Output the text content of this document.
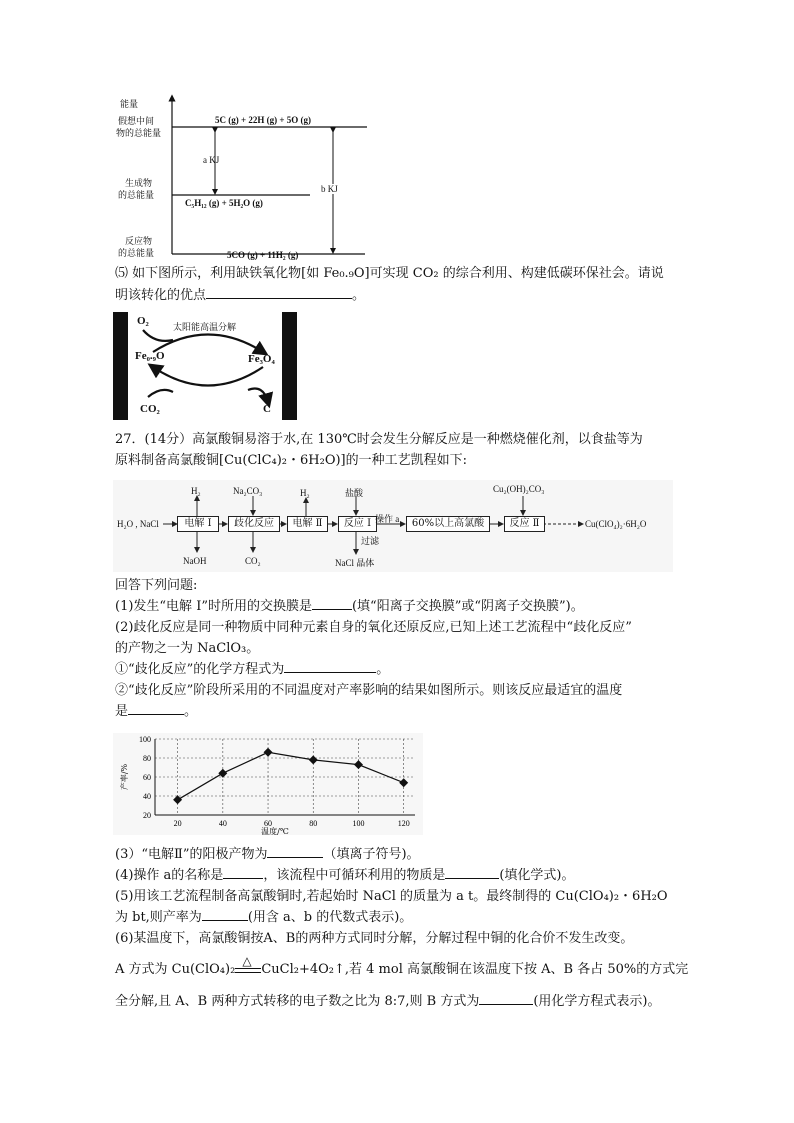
能量
假想中间
物的总能量
生成物
的总能量
反应物
的总能量
5C (g) + 22H (g) + 5O (g)
C₅H₁₂ (g) + 5H₂O (g)
5CO (g) + 11H₂ (g)
a KJ
b KJ
⑸ 如下图所示，利用缺铁氧化物[如 Fe₀.₉O]可实现 CO₂ 的综合利用、构建低碳环保社会。请说
明该转化的优点	。
O₂	太阳能高温分解
Fe₀.₉O	Fe₃O₄
CO₂	C
27．(14分）高氯酸铜易溶于水,在 130℃时会发生分解反应是一种燃烧催化剂，以食盐等为
原料制备高氯酸铜[Cu(ClC₄)₂・6H₂O)]的一种工艺凯程如下:
H₂O , NaCl	电解 Ⅰ	歧化反应	电解 Ⅱ	反应 Ⅰ	60%以上高氯酸	反应 Ⅱ	Cu(ClO₄)₂·6H₂O
H₂
NaOH
Na₂CO₃
CO₂
H₂	盐酸
操作 a
过滤
NaCl 晶体
Cu₂(OH)₂CO₃
回答下列问题:
(1)发生“电解 I”时所用的交换膜是	(填“阳离子交换膜”或“阴离子交换膜”)。
(2)歧化反应是同一种物质中同种元素自身的氧化还原反应,已知上述工艺流程中“歧化反应”
的产物之一为 NaClO₃。
①“歧化反应”的化学方程式为	。
②“歧化反应”阶段所采用的不同温度对产率影响的结果如图所示。则该反应最适宜的温度
是	。
20
40
60
80
100
20	40	60	80	100	120
温度/℃
产率/%
(3）“电解Ⅱ”的阳极产物为	（填离子符号)。
(4)操作 a的名称是	，该流程中可循环利用的物质是	(填化学式)。
(5)用该工艺流程制备高氯酸铜时,若起始时 NaCl 的质量为 a t。最终制得的 Cu(ClO₄)₂・6H₂O
为 bt,则产率为	(用含 a、b 的代数式表示)。
(6)某温度下，高氯酸铜按A、B的两种方式同时分解，分解过程中铜的化合价不发生改变。
A 方式为 Cu(ClO₄)₂
△
CuCl₂+4O₂↑,若 4 mol 高氯酸铜在该温度下按 A、B 各占 50%的方式完
全分解,且 A、B 两种方式转移的电子数之比为 8:7,则 B 方式为	(用化学方程式表示)。
